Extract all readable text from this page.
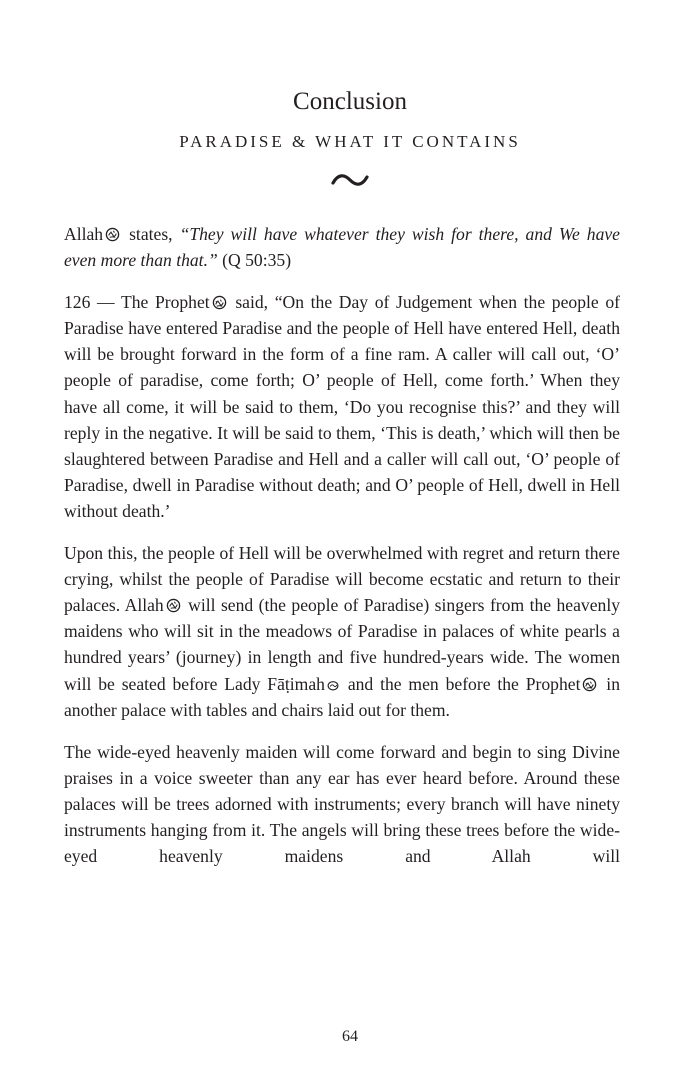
Conclusion
PARADISE & WHAT IT CONTAINS

Allah states, “They will have whatever they wish for there, and We have even more than that.” (Q 50:35)

126 — The Prophet said, “On the Day of Judgement when the people of Paradise have entered Paradise and the people of Hell have entered Hell, death will be brought forward in the form of a fine ram. A caller will call out, ‘O’ people of paradise, come forth; O’ people of Hell, come forth.’ When they have all come, it will be said to them, ‘Do you recognise this?’ and they will reply in the negative. It will be said to them, ‘This is death,’ which will then be slaughtered between Paradise and Hell and a caller will call out, ‘O’ people of Paradise, dwell in Paradise without death; and O’ people of Hell, dwell in Hell without death.’

Upon this, the people of Hell will be overwhelmed with regret and return there crying, whilst the people of Paradise will become ecstatic and return to their palaces. Allah will send (the people of Paradise) singers from the heavenly maidens who will sit in the meadows of Paradise in palaces of white pearls a hundred years’ (journey) in length and five hundred-years wide. The women will be seated before Lady Fāṭimah and the men before the Prophet in another palace with tables and chairs laid out for them.

The wide-eyed heavenly maiden will come forward and begin to sing Divine praises in a voice sweeter than any ear has ever heard before. Around these palaces will be trees adorned with instruments; every branch will have ninety instruments hanging from it. The angels will bring these trees before the wide-eyed heavenly maidens and Allah will

64
